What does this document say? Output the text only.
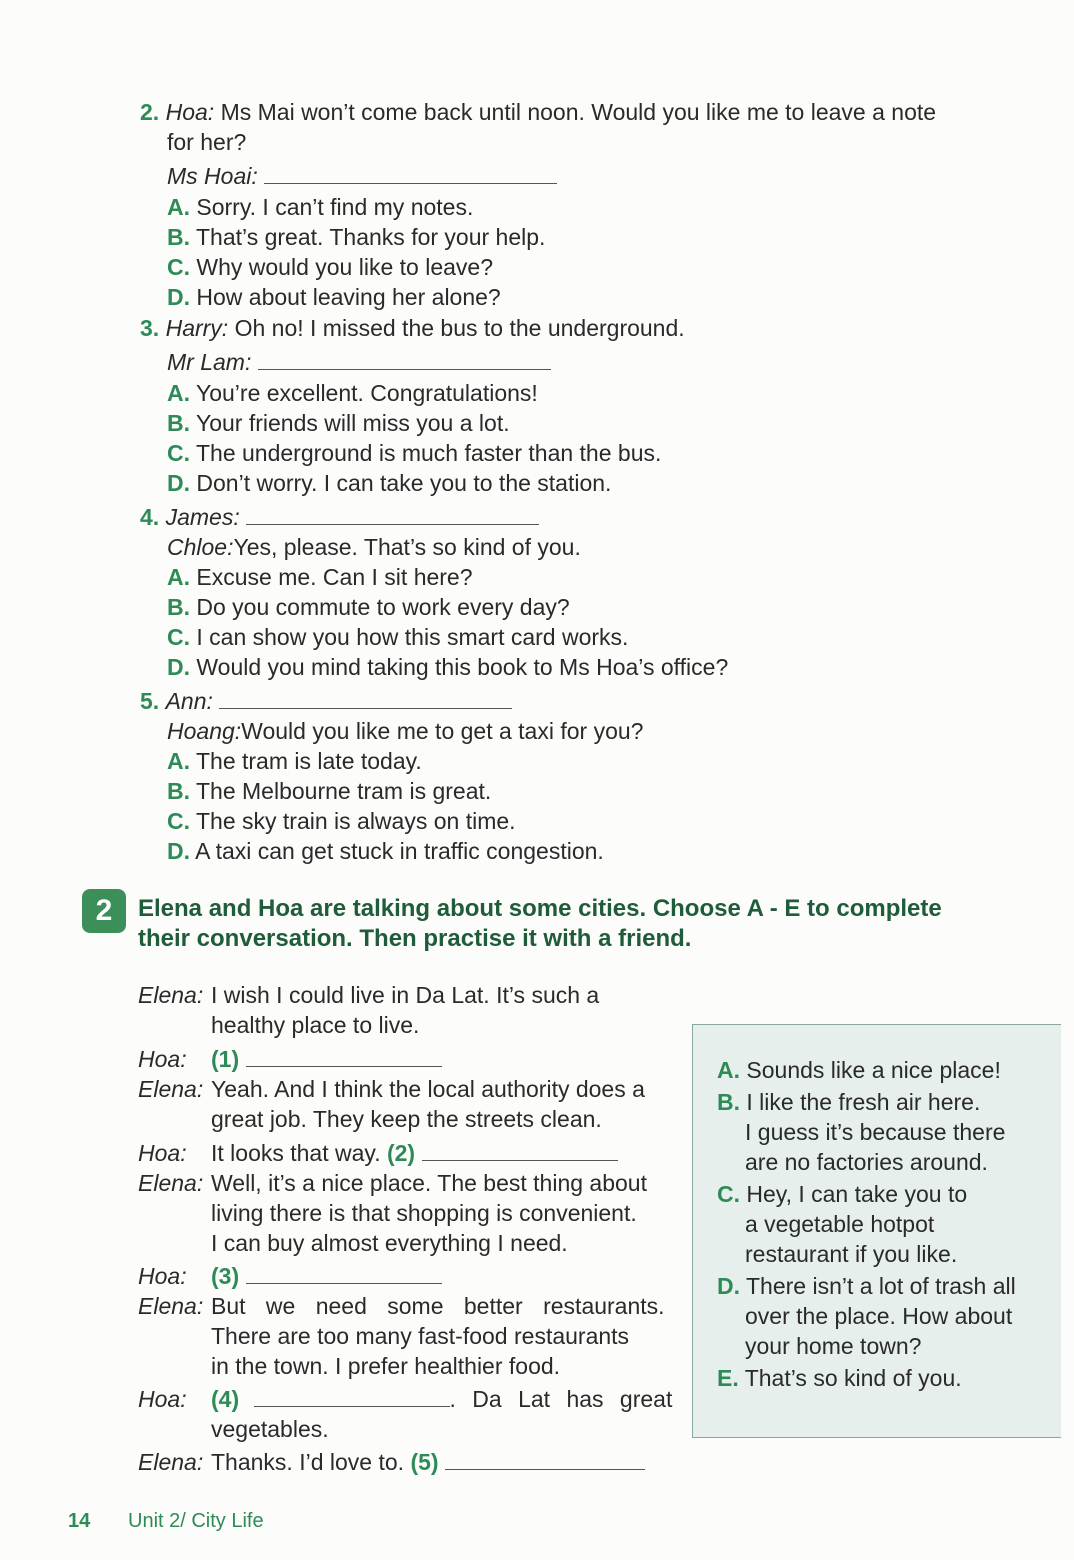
2. Hoa: Ms Mai won’t come back until noon. Would you like me to leave a note
for her?
Ms Hoai:
A. Sorry. I can’t find my notes.
B. That’s great. Thanks for your help.
C. Why would you like to leave?
D. How about leaving her alone?
3. Harry: Oh no! I missed the bus to the underground.
Mr Lam:
A. You’re excellent. Congratulations!
B. Your friends will miss you a lot.
C. The underground is much faster than the bus.
D. Don’t worry. I can take you to the station.
4. James:
Chloe:Yes, please. That’s so kind of you.
A. Excuse me. Can I sit here?
B. Do you commute to work every day?
C. I can show you how this smart card works.
D. Would you mind taking this book to Ms Hoa’s office?
5. Ann:
Hoang:Would you like me to get a taxi for you?
A. The tram is late today.
B. The Melbourne tram is great.
C. The sky train is always on time.
D. A taxi can get stuck in traffic congestion.
2	Elena and Hoa are talking about some cities. Choose A - E to complete
their conversation. Then practise it with a friend.
Elena: I wish I could live in Da Lat. It’s such a
healthy place to live.
Hoa: (1)
Elena: Yeah. And I think the local authority does a
great job. They keep the streets clean.
Hoa: It looks that way. (2)
Elena: Well, it’s a nice place. The best thing about
living there is that shopping is convenient.
I can buy almost everything I need.
Hoa: (3)
Elena: But we need some better restaurants.
There are too many fast-food restaurants
in the town. I prefer healthier food.
Hoa: (4)	. Da Lat has great
vegetables.
Elena: Thanks. I’d love to. (5)
A. Sounds like a nice place!
B. I like the fresh air here.
I guess it’s because there
are no factories around.
C. Hey, I can take you to
a vegetable hotpot
restaurant if you like.
D. There isn’t a lot of trash all
over the place. How about
your home town?
E. That’s so kind of you.
14 Unit 2/ City Life
